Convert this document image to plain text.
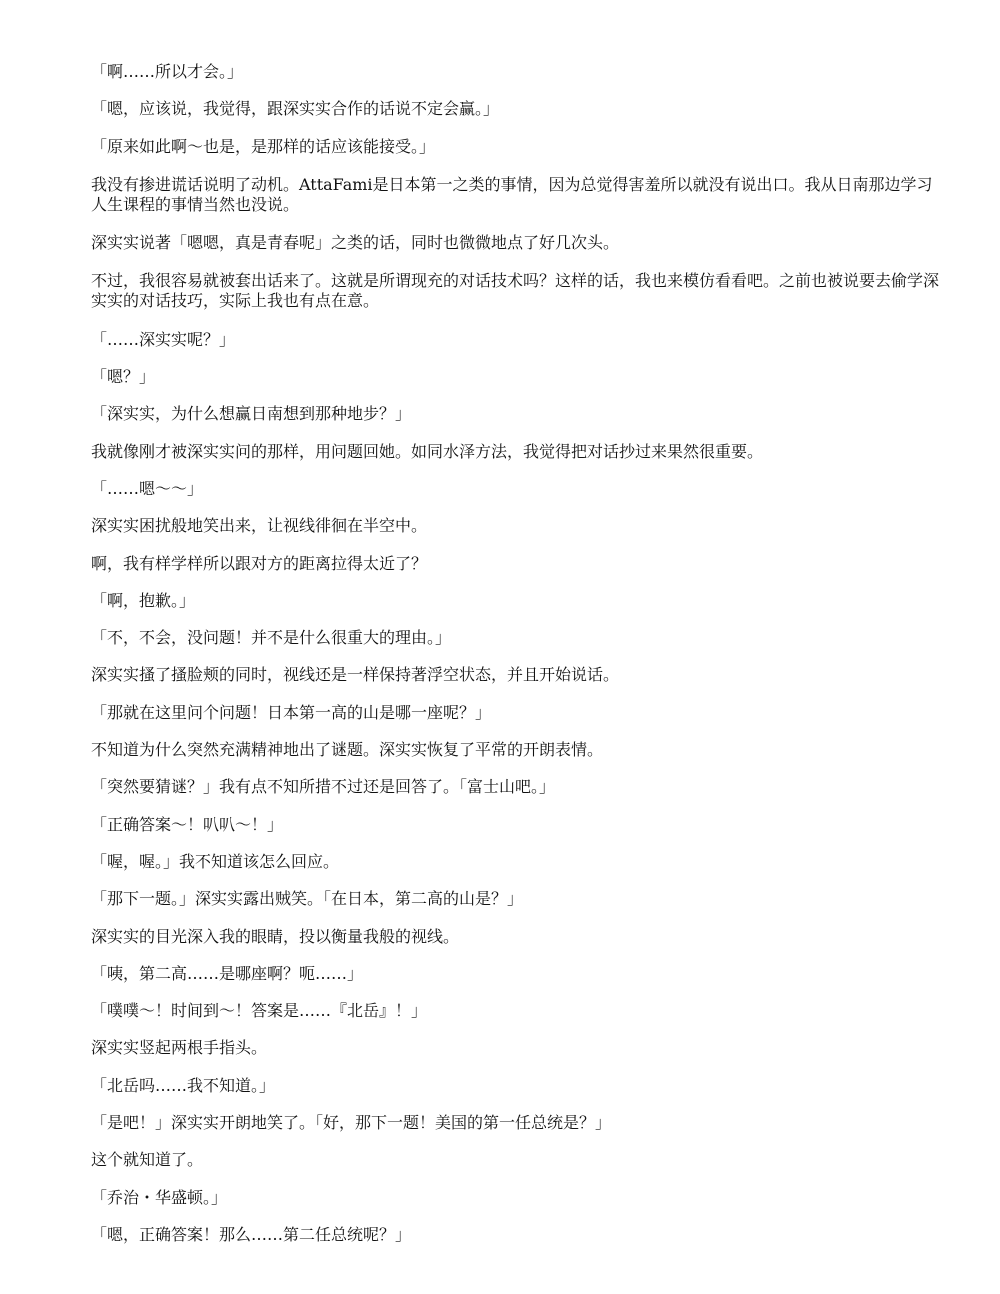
「啊……所以才会。」

「嗯，应该说，我觉得，跟深实实合作的话说不定会赢。」

「原来如此啊～也是，是那样的话应该能接受。」

我没有掺进谎话说明了动机。AttaFami是日本第一之类的事情，因为总觉得害羞所以就没有说出口。我从日南那边学习人生课程的事情当然也没说。

深实实说著「嗯嗯，真是青春呢」之类的话，同时也微微地点了好几次头。

不过，我很容易就被套出话来了。这就是所谓现充的对话技术吗？这样的话，我也来模仿看看吧。之前也被说要去偷学深实实的对话技巧，实际上我也有点在意。

「……深实实呢？」

「嗯？」

「深实实，为什么想赢日南想到那种地步？」

我就像刚才被深实实问的那样，用问题回她。如同水泽方法，我觉得把对话抄过来果然很重要。

「……嗯～～」

深实实困扰般地笑出来，让视线徘徊在半空中。

啊，我有样学样所以跟对方的距离拉得太近了？

「啊，抱歉。」

「不，不会，没问题！并不是什么很重大的理由。」

深实实搔了搔脸颊的同时，视线还是一样保持著浮空状态，并且开始说话。

「那就在这里问个问题！日本第一高的山是哪一座呢？」

不知道为什么突然充满精神地出了谜题。深实实恢复了平常的开朗表情。

「突然要猜谜？」我有点不知所措不过还是回答了。「富士山吧。」

「正确答案～！叭叭～！」

「喔，喔。」我不知道该怎么回应。

「那下一题。」深实实露出贼笑。「在日本，第二高的山是？」

深实实的目光深入我的眼睛，投以衡量我般的视线。

「咦，第二高……是哪座啊？呃……」

「噗噗～！时间到～！答案是……『北岳』！」

深实实竖起两根手指头。

「北岳吗……我不知道。」

「是吧！」深实实开朗地笑了。「好，那下一题！美国的第一任总统是？」

这个就知道了。

「乔治・华盛顿。」

「嗯，正确答案！那么……第二任总统呢？」
